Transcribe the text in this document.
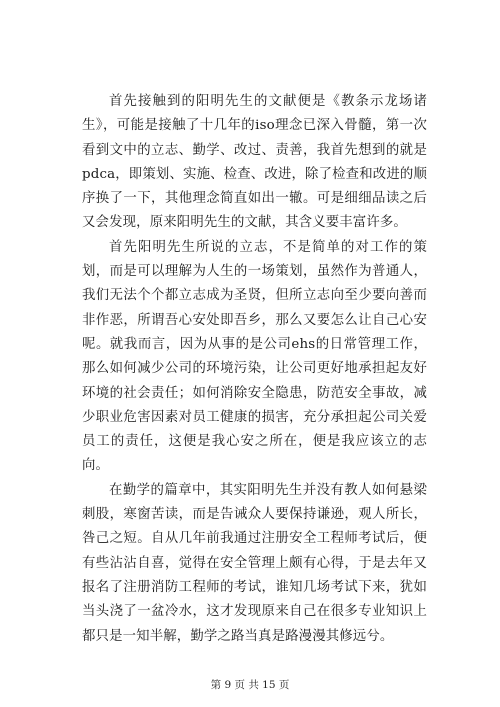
首先接触到的阳明先生的文献便是《教条示龙场诸生》，可能是接触了十几年的iso理念已深入骨髓，第一次看到文中的立志、勤学、改过、责善，我首先想到的就是pdca，即策划、实施、检查、改进，除了检查和改进的顺序换了一下，其他理念简直如出一辙。可是细细品读之后又会发现，原来阳明先生的文献，其含义要丰富许多。

首先阳明先生所说的立志，不是简单的对工作的策划，而是可以理解为人生的一场策划，虽然作为普通人，我们无法个个都立志成为圣贤，但所立志向至少要向善而非作恶，所谓吾心安处即吾乡，那么又要怎么让自己心安呢。就我而言，因为从事的是公司ehs的日常管理工作，那么如何减少公司的环境污染，让公司更好地承担起友好环境的社会责任；如何消除安全隐患，防范安全事故，减少职业危害因素对员工健康的损害，充分承担起公司关爱员工的责任，这便是我心安之所在，便是我应该立的志向。

在勤学的篇章中，其实阳明先生并没有教人如何悬梁刺股，寒窗苦读，而是告诫众人要保持谦逊，观人所长，咎己之短。自从几年前我通过注册安全工程师考试后，便有些沾沾自喜，觉得在安全管理上颇有心得，于是去年又报名了注册消防工程师的考试，谁知几场考试下来，犹如当头浇了一盆冷水，这才发现原来自己在很多专业知识上都只是一知半解，勤学之路当真是路漫漫其修远兮。

第 9 页 共 15 页
